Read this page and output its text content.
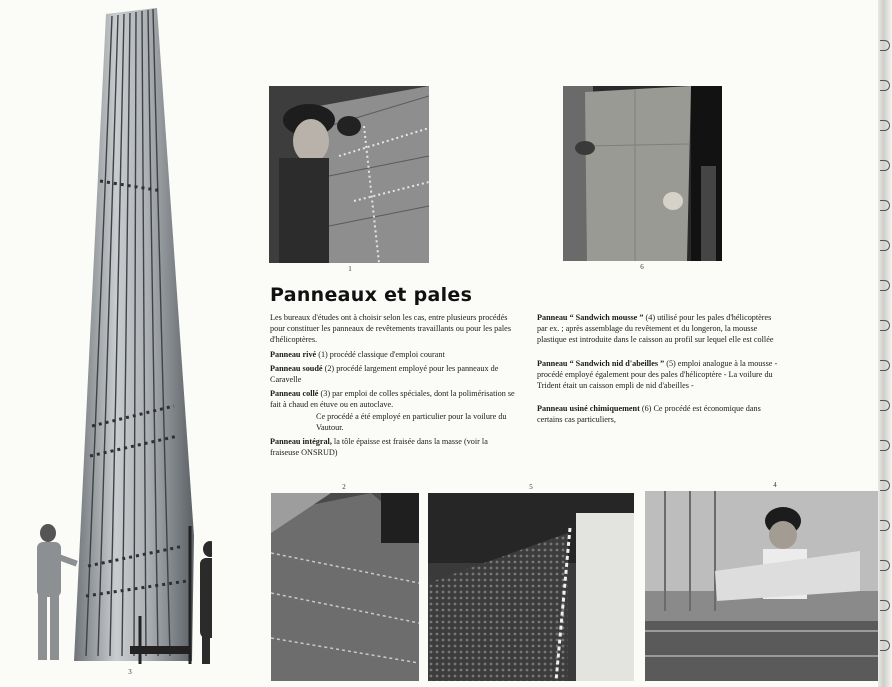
3
1	6
Panneaux et pales

Les bureaux d'études ont à choisir selon les cas, entre plusieurs procédés pour constituer les panneaux de revêtements travaillants ou pour les pales d'hélicoptères.

Panneau rivé (1) procédé classique d'emploi courant

Panneau soudé (2) procédé largement employé pour les panneaux de Caravelle

Panneau collé (3) par emploi de colles spéciales, dont la polimérisation se fait à chaud en étuve ou en autoclave.
Ce procédé a été employé en particulier pour la voilure du Vautour.

Panneau intégral, la tôle épaisse est fraisée dans la masse (voir la fraiseuse ONSRUD)

Panneau “ Sandwich mousse ” (4) utilisé pour les pales d'hélicoptères par ex. ; après assemblage du revêtement et du longeron, la mousse plastique est introduite dans le caisson au profil sur lequel elle est collée

Panneau “ Sandwich nid d'abeilles ” (5) emploi analogue à la mousse - procédé employé également pour des pales d'hélicoptère - La voilure du Trident était un caisson empli de nid d'abeilles -

Panneau usiné chimiquement (6) Ce procédé est économique dans certains cas particuliers,

2	5	4
